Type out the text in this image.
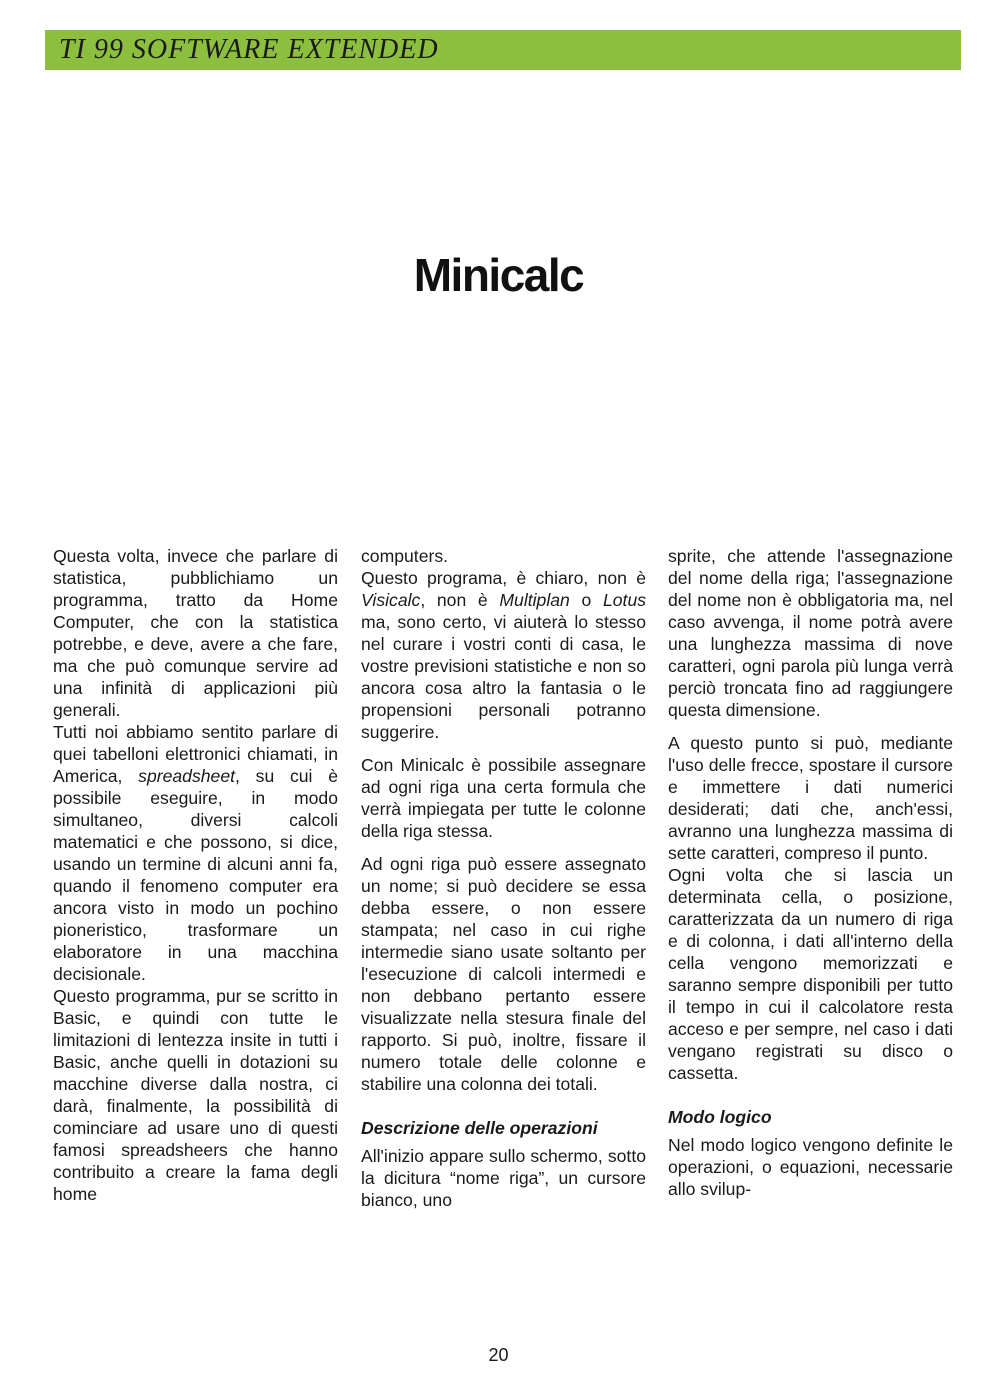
TI 99 SOFTWARE EXTENDED
Minicalc

Questa volta, invece che parlare di statistica, pubblichiamo un programma, tratto da Home Computer, che con la statistica potrebbe, e deve, avere a che fare, ma che può comunque servire ad una infinità di applicazioni più generali.

Tutti noi abbiamo sentito parlare di quei tabelloni elettronici chiamati, in America, spreadsheet, su cui è possibile eseguire, in modo simultaneo, diversi calcoli matematici e che possono, si dice, usando un termine di alcuni anni fa, quando il fenomeno computer era ancora visto in modo un pochino pioneristico, trasformare un elaboratore in una macchina decisionale.

Questo programma, pur se scritto in Basic, e quindi con tutte le limitazioni di lentezza insite in tutti i Basic, anche quelli in dotazioni su macchine diverse dalla nostra, ci darà, finalmente, la possibilità di cominciare ad usare uno di questi famosi spreadsheers che hanno contribuito a creare la fama degli home

computers.

Questo programa, è chiaro, non è Visicalc, non è Multiplan o Lotus ma, sono certo, vi aiuterà lo stesso nel curare i vostri conti di casa, le vostre previsioni statistiche e non so ancora cosa altro la fantasia o le propensioni personali potranno suggerire.

Con Minicalc è possibile assegnare ad ogni riga una certa formula che verrà impiegata per tutte le colonne della riga stessa.

Ad ogni riga può essere assegnato un nome; si può decidere se essa debba essere, o non essere stampata; nel caso in cui righe intermedie siano usate soltanto per l'esecuzione di calcoli intermedi e non debbano pertanto essere visualizzate nella stesura finale del rapporto. Si può, inoltre, fissare il numero totale delle colonne e stabilire una colonna dei totali.

Descrizione delle operazioni

All'inizio appare sullo schermo, sotto la dicitura “nome riga”, un cursore bianco, uno

sprite, che attende l'assegnazione del nome della riga; l'assegnazione del nome non è obbligatoria ma, nel caso avvenga, il nome potrà avere una lunghezza massima di nove caratteri, ogni parola più lunga verrà perciò troncata fino ad raggiungere questa dimensione.

A questo punto si può, mediante l'uso delle frecce, spostare il cursore e immettere i dati numerici desiderati; dati che, anch'essi, avranno una lunghezza massima di sette caratteri, compreso il punto.

Ogni volta che si lascia un determinata cella, o posizione, caratterizzata da un numero di riga e di colonna, i dati all'interno della cella vengono memorizzati e saranno sempre disponibili per tutto il tempo in cui il calcolatore resta acceso e per sempre, nel caso i dati vengano registrati su disco o cassetta.

Modo logico

Nel modo logico vengono definite le operazioni, o equazioni, necessarie allo svilup-

20
